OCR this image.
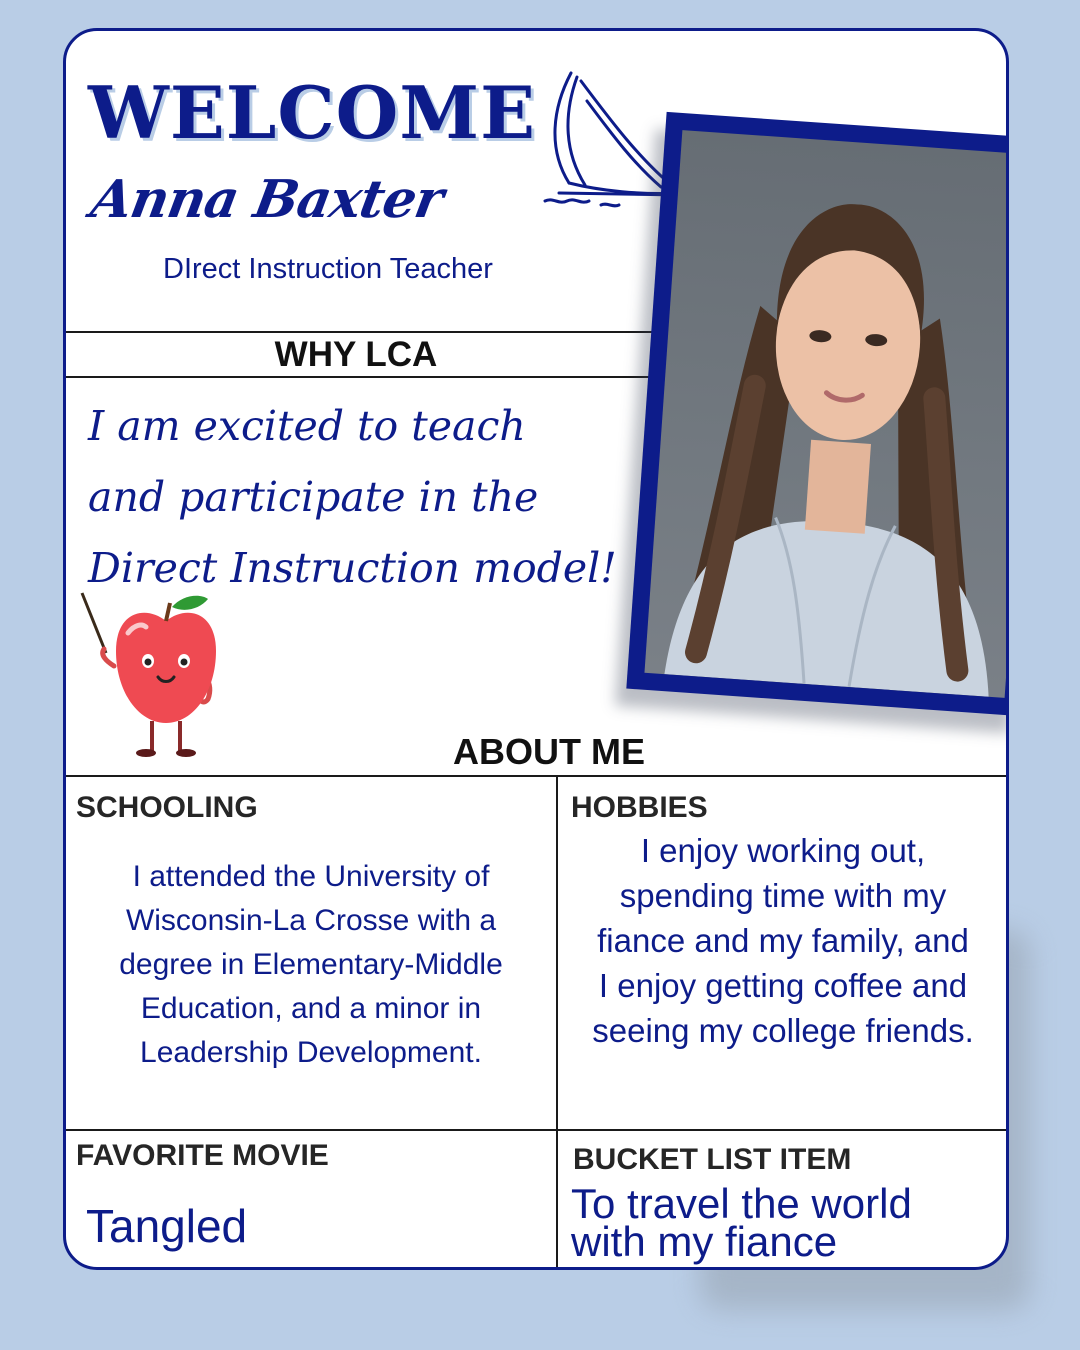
WELCOME
Anna Baxter

DIrect Instruction Teacher

WHY LCA
I am excited to teach
and participate in the
Direct Instruction model!
ABOUT ME
SCHOOLING
I attended the University of
Wisconsin-La Crosse with a
degree in Elementary-Middle
Education, and a minor in
Leadership Development.
HOBBIES
I enjoy working out,
spending time with my
fiance and my family, and
I enjoy getting coffee and
seeing my college friends.
FAVORITE MOVIE

Tangled

BUCKET LIST ITEM
To travel the world
with my fiance
